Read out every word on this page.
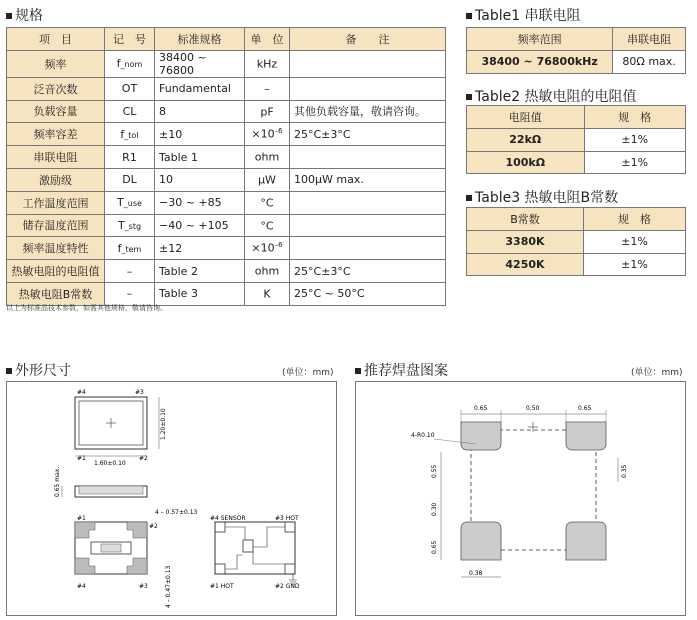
规格
项　目	记　号	标准规格	单　位	备　　注
频率	f_nom	38400 ~ 76800	kHz	
泛音次数	OT	Fundamental	–	
负载容量	CL	8	pF	其他负载容量，敬请咨询。
频率容差	f_tol	±10	$\times 10^{-6}$	25°C±3°C
串联电阻	R1	Table 1	ohm	
激励级	DL	10	μW	100μW max.
工作温度范围	T_use	−30 ~ +85	°C	
储存温度范围	T_stg	−40 ~ +105	°C	
频率温度特性	f_tem	±12	$\times 10^{-6}$	
热敏电阻的电阻值	–	Table 2	ohm	25°C±3°C
热敏电阻B常数	–	Table 3	K	25°C ~ 50°C
以上为标准品技术参数，如需其他规格，敬请咨询。
Table1 串联电阻
频率范围	串联电阻
38400 ~ 76800kHz	80Ω max.
Table2 热敏电阻的电阻值
电阻值	规　格
22kΩ	±1%
100kΩ	±1%
Table3 热敏电阻B常数
B常数	规　格
3380K	±1%
4250K	±1%
外形尺寸	(单位：mm)
#4	#3
#1	#2
1.60±0.10
1.20±0.10
0.65 max.
#1
#2
#4	#3
4 – 0.57±0.13
4 – 0.47±0.13
#4 SENSOR	#3 HOT
#1 HOT	#2 GND
推荐焊盘图案	(单位：mm)
0.65	0.50	0.65
4-R0.10
0.55
0.30
0.65
0.35
0.38
